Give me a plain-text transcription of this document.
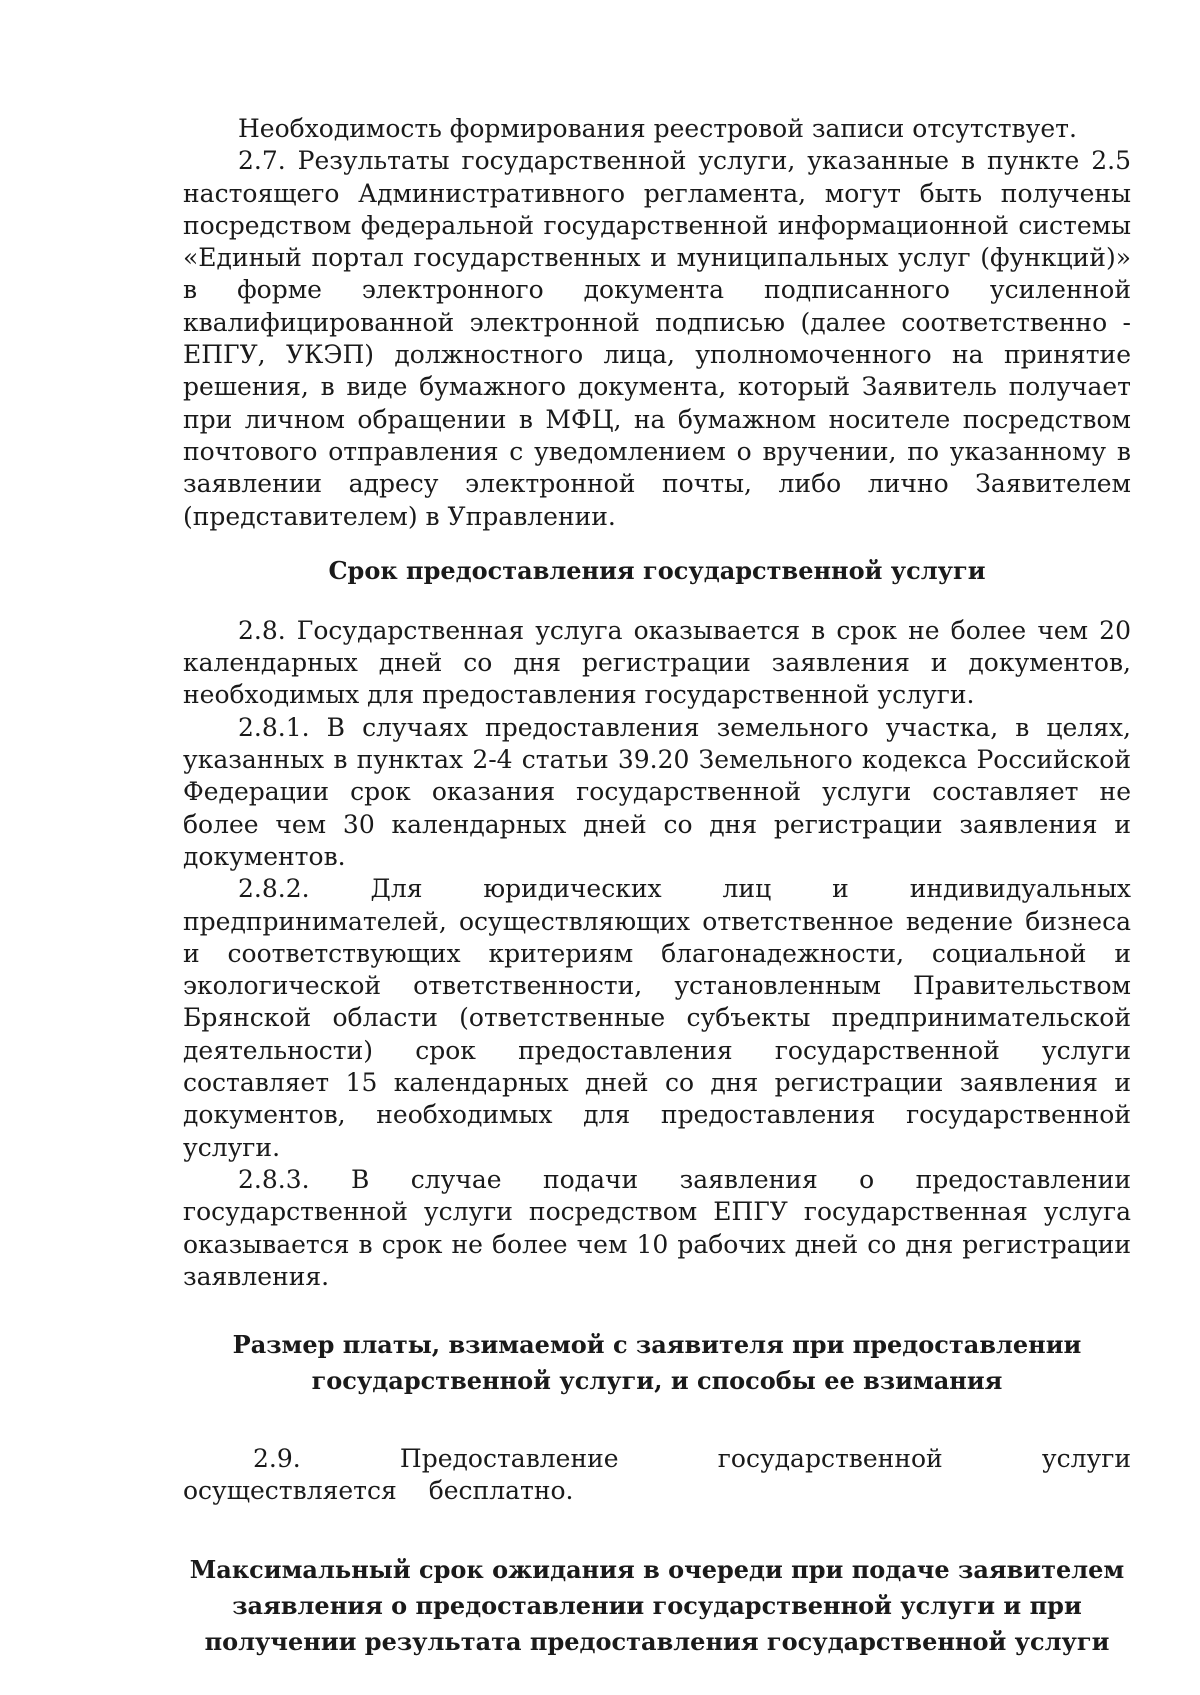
Необходимость формирования реестровой записи отсутствует.

2.7. Результаты государственной услуги, указанные в пункте 2.5 настоящего Административного регламента, могут быть получены посредством федеральной государственной информационной системы «Единый портал государственных и муниципальных услуг (функций)» в форме электронного документа подписанного усиленной квалифицированной электронной подписью (далее соответственно - ЕПГУ, УКЭП) должностного лица, уполномоченного на принятие решения, в виде бумажного документа, который Заявитель получает при личном обращении в МФЦ, на бумажном носителе посредством почтового отправления с уведомлением о вручении, по указанному в заявлении адресу электронной почты, либо лично Заявителем (представителем) в Управлении.

Срок предоставления государственной услуги

2.8. Государственная услуга оказывается в срок не более чем 20 календарных дней со дня регистрации заявления и документов, необходимых для предоставления государственной услуги.

2.8.1. В случаях предоставления земельного участка, в целях, указанных в пунктах 2-4 статьи 39.20 Земельного кодекса Российской Федерации срок оказания государственной услуги составляет не более чем 30 календарных дней со дня регистрации заявления и документов.

2.8.2. Для юридических лиц и индивидуальных предпринимателей, осуществляющих ответственное ведение бизнеса и соответствующих критериям благонадежности, социальной и экологической ответственности, установленным Правительством Брянской области (ответственные субъекты предпринимательской деятельности) срок предоставления государственной услуги составляет 15 календарных дней со дня регистрации заявления и документов, необходимых для предоставления государственной услуги.

2.8.3. В случае подачи заявления о предоставлении государственной услуги посредством ЕПГУ государственная услуга оказывается в срок не более чем 10 рабочих дней со дня регистрации заявления.

Размер платы, взимаемой с заявителя при предоставлении государственной услуги, и способы ее взимания

2.9. Предоставление государственной услуги осуществляется бесплатно.

Максимальный срок ожидания в очереди при подаче заявителем заявления о предоставлении государственной услуги и при получении результата предоставления государственной услуги
